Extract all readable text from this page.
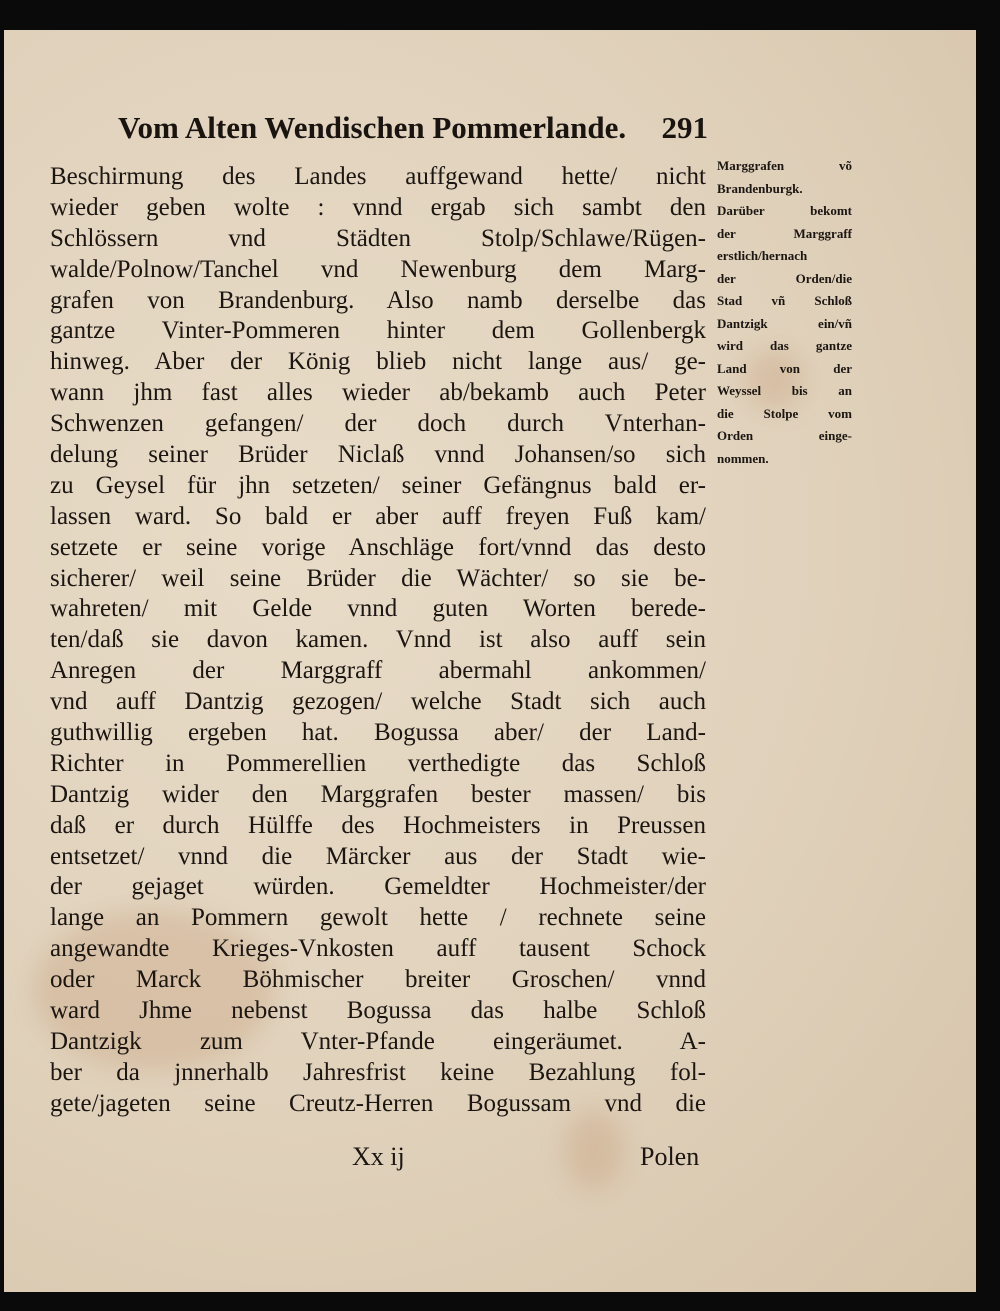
Vom Alten Wendischen Pommerlande. 291
Beschirmung des Landes auffgewand hette/ nicht
wieder geben wolte : vnnd ergab sich sambt den
Schlössern vnd Städten Stolp/Schlawe/Rügen-
walde/Polnow/Tanchel vnd Newenburg dem Marg-
grafen von Brandenburg. Also namb derselbe das
gantze Vinter-Pommeren hinter dem Gollenbergk
hinweg. Aber der König blieb nicht lange aus/ ge-
wann jhm fast alles wieder ab/bekamb auch Peter
Schwenzen gefangen/ der doch durch Vnterhan-
delung seiner Brüder Niclaß vnnd Johansen/so sich
zu Geysel für jhn setzeten/ seiner Gefängnus bald er-
lassen ward. So bald er aber auff freyen Fuß kam/
setzete er seine vorige Anschläge fort/vnnd das desto
sicherer/ weil seine Brüder die Wächter/ so sie be-
wahreten/ mit Gelde vnnd guten Worten berede-
ten/daß sie davon kamen. Vnnd ist also auff sein
Anregen der Marggraff abermahl ankommen/
vnd auff Dantzig gezogen/ welche Stadt sich auch
guthwillig ergeben hat. Bogussa aber/ der Land-
Richter in Pommerellien verthedigte das Schloß
Dantzig wider den Marggrafen bester massen/ bis
daß er durch Hülffe des Hochmeisters in Preussen
entsetzet/ vnnd die Märcker aus der Stadt wie-
der gejaget würden. Gemeldter Hochmeister/der
lange an Pommern gewolt hette / rechnete seine
angewandte Krieges-Vnkosten auff tausent Schock
oder Marck Böhmischer breiter Groschen/ vnnd
ward Jhme nebenst Bogussa das halbe Schloß
Dantzigk zum Vnter-Pfande eingeräumet. A-
ber da jnnerhalb Jahresfrist keine Bezahlung fol-
gete/jageten seine Creutz-Herren Bogussam vnd die
Marggrafen võ
Brandenburgk.
Darüber bekomt
der Marggraff
erstlich/hernach
der Orden/die
Stad vñ Schloß
Dantzigk ein/vñ
wird das gantze
Land von der
Weyssel bis an
die Stolpe vom
Orden einge-
nommen.
Xx ij	Polen
